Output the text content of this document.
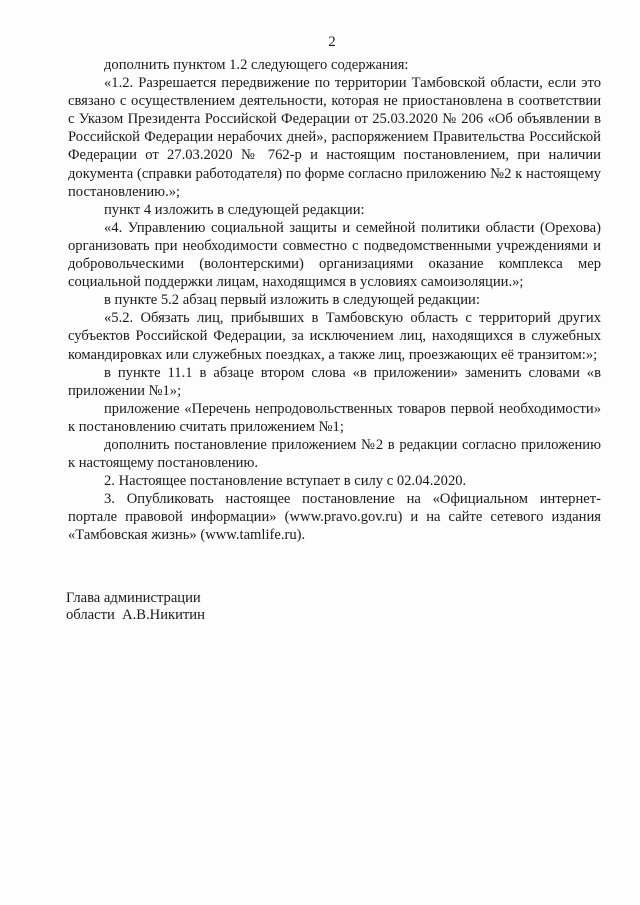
2

дополнить пунктом 1.2 следующего содержания:

«1.2. Разрешается передвижение по территории Тамбовской области, если это связано с осуществлением деятельности, которая не приостановлена в соответствии с Указом Президента Российской Федерации от 25.03.2020 № 206 «Об объявлении в Российской Федерации нерабочих дней», распоряжением Правительства Российской Федерации от 27.03.2020 № 762-р и настоящим постановлением, при наличии документа (справки работодателя) по форме согласно приложению №2 к настоящему постановлению.»;

пункт 4 изложить в следующей редакции:

«4. Управлению социальной защиты и семейной политики области (Орехова) организовать при необходимости совместно с подведомственными учреждениями и добровольческими (волонтерскими) организациями оказание комплекса мер социальной поддержки лицам, находящимся в условиях самоизоляции.»;

в пункте 5.2 абзац первый изложить в следующей редакции:

«5.2. Обязать лиц, прибывших в Тамбовскую область с территорий других субъектов Российской Федерации, за исключением лиц, находящихся в служебных командировках или служебных поездках, а также лиц, проезжающих её транзитом:»;

в пункте 11.1 в абзаце втором слова «в приложении» заменить словами «в приложении №1»;

приложение «Перечень непродовольственных товаров первой необходимости» к постановлению считать приложением №1;

дополнить постановление приложением №2 в редакции согласно приложению к настоящему постановлению.

2. Настоящее постановление вступает в силу с 02.04.2020.

3. Опубликовать настоящее постановление на «Официальном интернет-портале правовой информации» (www.pravo.gov.ru) и на сайте сетевого издания «Тамбовская жизнь» (www.tamlife.ru).

Глава администрации
области  А.В.Никитин
